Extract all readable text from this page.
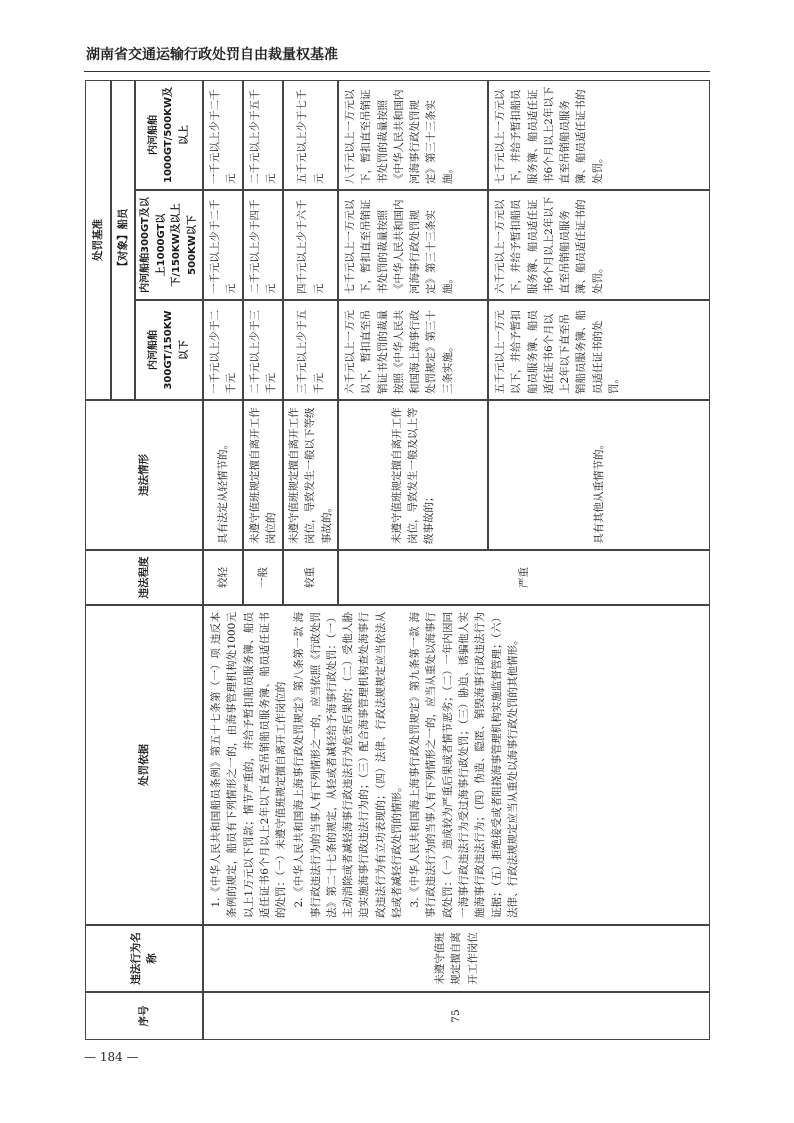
湖南省交通运输行政处罚自由裁量权基准
序号
违法行为名称
处罚依据
违法程度
违法情形
处罚基准	【对象】船员
内河船舶300GT/150KW以下
内河船舶300GT及以上1000GT以下/150KW及以上500KW以下
内河船舶1000GT/500KW及以上
75
未遵守值班规定擅自离开工作岗位

1.《中华人民共和国船员条例》第五十七条第（一）项 违反本条例的规定，船员有下列情形之一的，由海事管理机构处1000元以上1万元以下罚款；情节严重的，并给予暂扣船员服务簿、船员适任证书6个月以上2年以下直至吊销船员服务簿、船员适任证书的处罚：（一）未遵守值班规定擅自离开工作岗位的 2.《中华人民共和国海上海事行政处罚规定》第八条第一款 海事行政违法行为的当事人有下列情形之一的，应当依照《行政处罚法》第二十七条的规定，从轻或者减轻给予海事行政处罚：（一）主动消除或者减轻海事行政违法行为危害后果的；（二）受他人胁迫实施海事行政违法行为的；（三）配合海事管理机构查处海事行政违法行为有立功表现的；（四）法律、行政法规规定应当依法从轻或者减轻行政处罚的情形。 3.《中华人民共和国海上海事行政处罚规定》第九条第一款 海事行政违法行为的当事人有下列情形之一的，应当从重处以海事行政处罚：（一）造成较为严重后果或者情节恶劣；（二）一年内因同一海事行政违法行为受过海事行政处罚；（三）胁迫、诱骗他人实施海事行政违法行为；（四）伪造、隐匿、销毁海事行政违法行为证据；（五）拒绝接受或者阻挠海事管理机构实施监督管理；（六）法律、行政法规规定应当从重处以海事行政处罚的其他情形。

较轻
具有法定从轻情节的。
一千元以上少于二千元
一千元以上少于二千元
一千元以上少于二千元
一般
未遵守值班规定擅自离开工作岗位的
二千元以上少于三千元
二千元以上少于四千元
二千元以上少于五千元
较重
未遵守值班规定擅自离开工作岗位，导致发生一般以下等级事故的。
三千元以上少于五千元
四千元以上少于六千元
五千元以上少于七千元
严重
未遵守值班规定擅自离开工作岗位，导致发生一般及以上等级事故的；
六千元以上一万元以下，暂扣直至吊销证书处罚的裁量按照《中华人民共和国海上海事行政处罚规定》第三十三条实施。
七千元以上一万元以下，暂扣直至吊销证书处罚的裁量按照《中华人民共和国内河海事行政处罚规定》第三十三条实施。
八千元以上一万元以下，暂扣直至吊销证书处罚的裁量按照《中华人民共和国内河海事行政处罚规定》第三十三条实施。
具有其他从重情节的。
五千元以上一万元以下，并给予暂扣船员服务簿、船员适任证书6个月以上2年以下直至吊销船员服务簿、船员适任证书的处罚。
六千元以上一万元以下，并给予暂扣船员服务簿、船员适任证书6个月以上2年以下直至吊销船员服务簿、船员适任证书的处罚。
七千元以上一万元以下，并给予暂扣船员服务簿、船员适任证书6个月以上2年以下直至吊销船员服务簿、船员适任证书的处罚。
— 184 —
